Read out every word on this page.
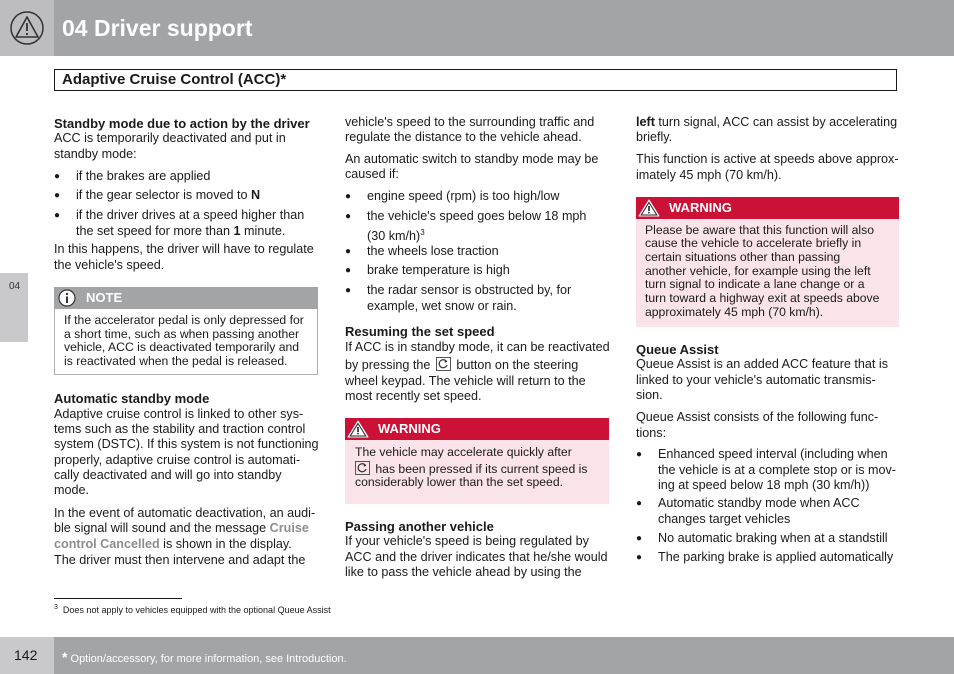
04 Driver support
Adaptive Cruise Control (ACC)*
04
Standby mode due to action by the driver
ACC is temporarily deactivated and put in
standby mode:
● if the brakes are applied
● if the gear selector is moved to N
● if the driver drives at a speed higher than
the set speed for more than 1 minute.
In this happens, the driver will have to regulate
the vehicle's speed.
NOTE
If the accelerator pedal is only depressed for
a short time, such as when passing another
vehicle, ACC is deactivated temporarily and
is reactivated when the pedal is released.
Automatic standby mode
Adaptive cruise control is linked to other sys-
tems such as the stability and traction control
system (DSTC). If this system is not functioning
properly, adaptive cruise control is automati-
cally deactivated and will go into standby
mode.
In the event of automatic deactivation, an audi-
ble signal will sound and the message Cruise
control Cancelled is shown in the display.
The driver must then intervene and adapt the
vehicle's speed to the surrounding traffic and
regulate the distance to the vehicle ahead.
An automatic switch to standby mode may be
caused if:
● engine speed (rpm) is too high/low
● the vehicle's speed goes below 18 mph
(30 km/h)$^3$
● the wheels lose traction
● brake temperature is high
● the radar sensor is obstructed by, for
example, wet snow or rain.
Resuming the set speed
If ACC is in standby mode, it can be reactivated
by pressing the
button on the steering
wheel keypad. The vehicle will return to the
most recently set speed.
WARNING
The vehicle may accelerate quickly after
has been pressed if its current speed is
considerably lower than the set speed.
Passing another vehicle
If your vehicle's speed is being regulated by
ACC and the driver indicates that he/she would
like to pass the vehicle ahead by using the
left turn signal, ACC can assist by accelerating
briefly.
This function is active at speeds above approx-
imately 45 mph (70 km/h).
WARNING
Please be aware that this function will also
cause the vehicle to accelerate briefly in
certain situations other than passing
another vehicle, for example using the left
turn signal to indicate a lane change or a
turn toward a highway exit at speeds above
approximately 45 mph (70 km/h).
Queue Assist
Queue Assist is an added ACC feature that is
linked to your vehicle's automatic transmis-
sion.
Queue Assist consists of the following func-
tions:
● Enhanced speed interval (including when
the vehicle is at a complete stop or is mov-
ing at speed below 18 mph (30 km/h))
● Automatic standby mode when ACC
changes target vehicles
● No automatic braking when at a standstill
● The parking brake is applied automatically
$^3$ Does not apply to vehicles equipped with the optional Queue Assist
142 * Option/accessory, for more information, see Introduction.
